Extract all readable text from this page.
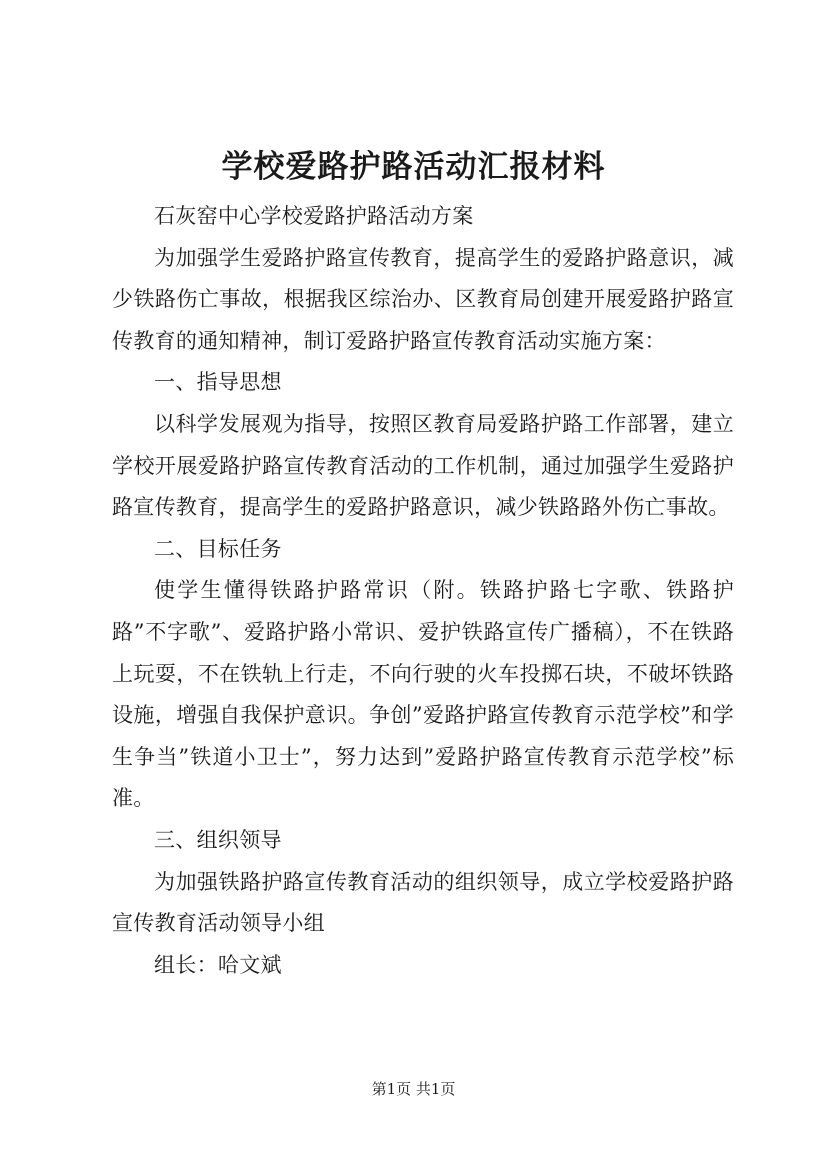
学校爱路护路活动汇报材料

石灰窑中心学校爱路护路活动方案

为加强学生爱路护路宣传教育，提高学生的爱路护路意识，减少铁路伤亡事故，根据我区综治办、区教育局创建开展爱路护路宣传教育的通知精神，制订爱路护路宣传教育活动实施方案：

一、指导思想

以科学发展观为指导，按照区教育局爱路护路工作部署，建立学校开展爱路护路宣传教育活动的工作机制，通过加强学生爱路护路宣传教育，提高学生的爱路护路意识，减少铁路路外伤亡事故。

二、目标任务

使学生懂得铁路护路常识（附。铁路护路七字歌、铁路护路”不字歌”、爱路护路小常识、爱护铁路宣传广播稿），不在铁路上玩耍，不在铁轨上行走，不向行驶的火车投掷石块，不破坏铁路设施，增强自我保护意识。争创”爱路护路宣传教育示范学校”和学生争当”铁道小卫士”，努力达到”爱路护路宣传教育示范学校”标准。

三、组织领导

为加强铁路护路宣传教育活动的组织领导，成立学校爱路护路宣传教育活动领导小组

组长：哈文斌

第1页 共1页
